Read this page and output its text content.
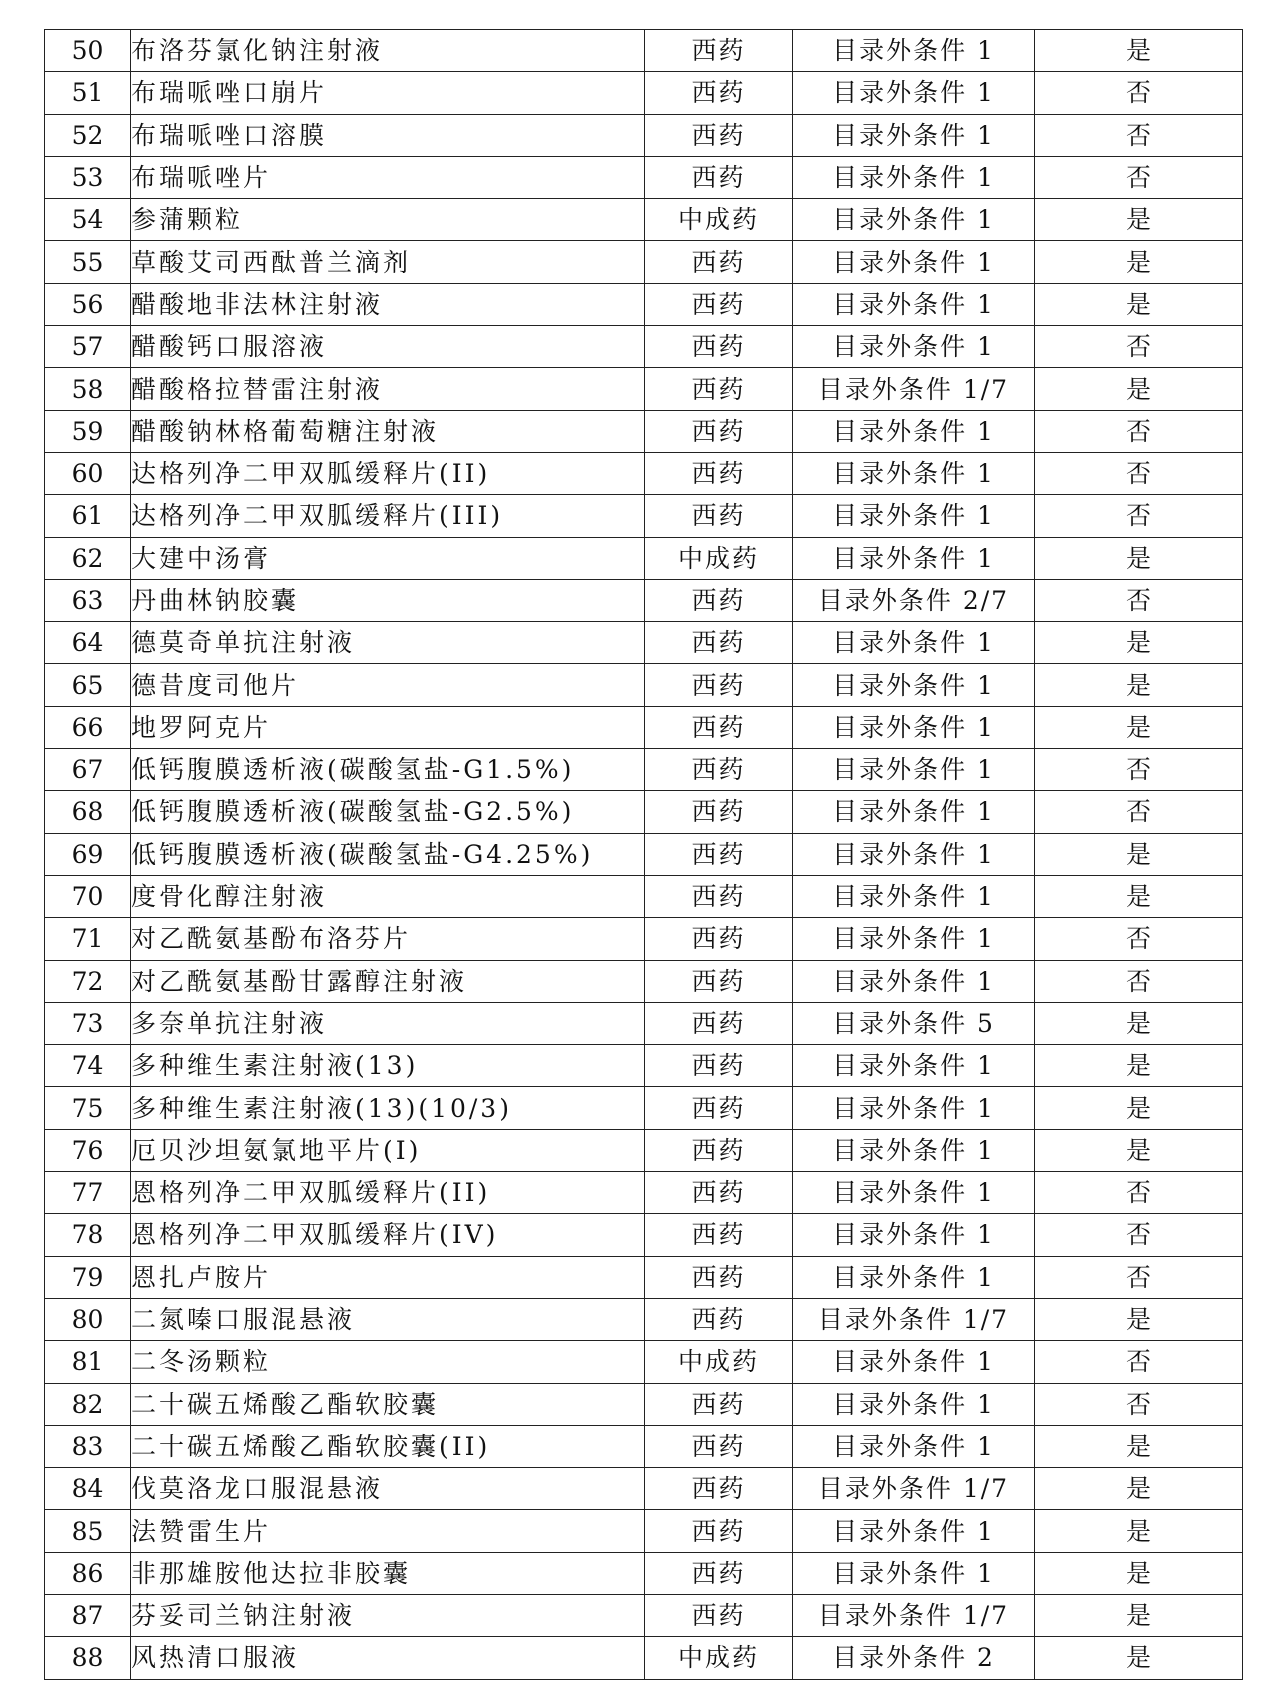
50	布洛芬氯化钠注射液	西药	目录外条件 1	是
51	布瑞哌唑口崩片	西药	目录外条件 1	否
52	布瑞哌唑口溶膜	西药	目录外条件 1	否
53	布瑞哌唑片	西药	目录外条件 1	否
54	参蒲颗粒	中成药	目录外条件 1	是
55	草酸艾司西酞普兰滴剂	西药	目录外条件 1	是
56	醋酸地非法林注射液	西药	目录外条件 1	是
57	醋酸钙口服溶液	西药	目录外条件 1	否
58	醋酸格拉替雷注射液	西药	目录外条件 1/7	是
59	醋酸钠林格葡萄糖注射液	西药	目录外条件 1	否
60	达格列净二甲双胍缓释片(II)	西药	目录外条件 1	否
61	达格列净二甲双胍缓释片(III)	西药	目录外条件 1	否
62	大建中汤膏	中成药	目录外条件 1	是
63	丹曲林钠胶囊	西药	目录外条件 2/7	否
64	德莫奇单抗注射液	西药	目录外条件 1	是
65	德昔度司他片	西药	目录外条件 1	是
66	地罗阿克片	西药	目录外条件 1	是
67	低钙腹膜透析液(碳酸氢盐-G1.5%)	西药	目录外条件 1	否
68	低钙腹膜透析液(碳酸氢盐-G2.5%)	西药	目录外条件 1	否
69	低钙腹膜透析液(碳酸氢盐-G4.25%)	西药	目录外条件 1	是
70	度骨化醇注射液	西药	目录外条件 1	是
71	对乙酰氨基酚布洛芬片	西药	目录外条件 1	否
72	对乙酰氨基酚甘露醇注射液	西药	目录外条件 1	否
73	多奈单抗注射液	西药	目录外条件 5	是
74	多种维生素注射液(13)	西药	目录外条件 1	是
75	多种维生素注射液(13)(10/3)	西药	目录外条件 1	是
76	厄贝沙坦氨氯地平片(I)	西药	目录外条件 1	是
77	恩格列净二甲双胍缓释片(II)	西药	目录外条件 1	否
78	恩格列净二甲双胍缓释片(IV)	西药	目录外条件 1	否
79	恩扎卢胺片	西药	目录外条件 1	否
80	二氮嗪口服混悬液	西药	目录外条件 1/7	是
81	二冬汤颗粒	中成药	目录外条件 1	否
82	二十碳五烯酸乙酯软胶囊	西药	目录外条件 1	否
83	二十碳五烯酸乙酯软胶囊(II)	西药	目录外条件 1	是
84	伐莫洛龙口服混悬液	西药	目录外条件 1/7	是
85	法赞雷生片	西药	目录外条件 1	是
86	非那雄胺他达拉非胶囊	西药	目录外条件 1	是
87	芬妥司兰钠注射液	西药	目录外条件 1/7	是
88	风热清口服液	中成药	目录外条件 2	是
